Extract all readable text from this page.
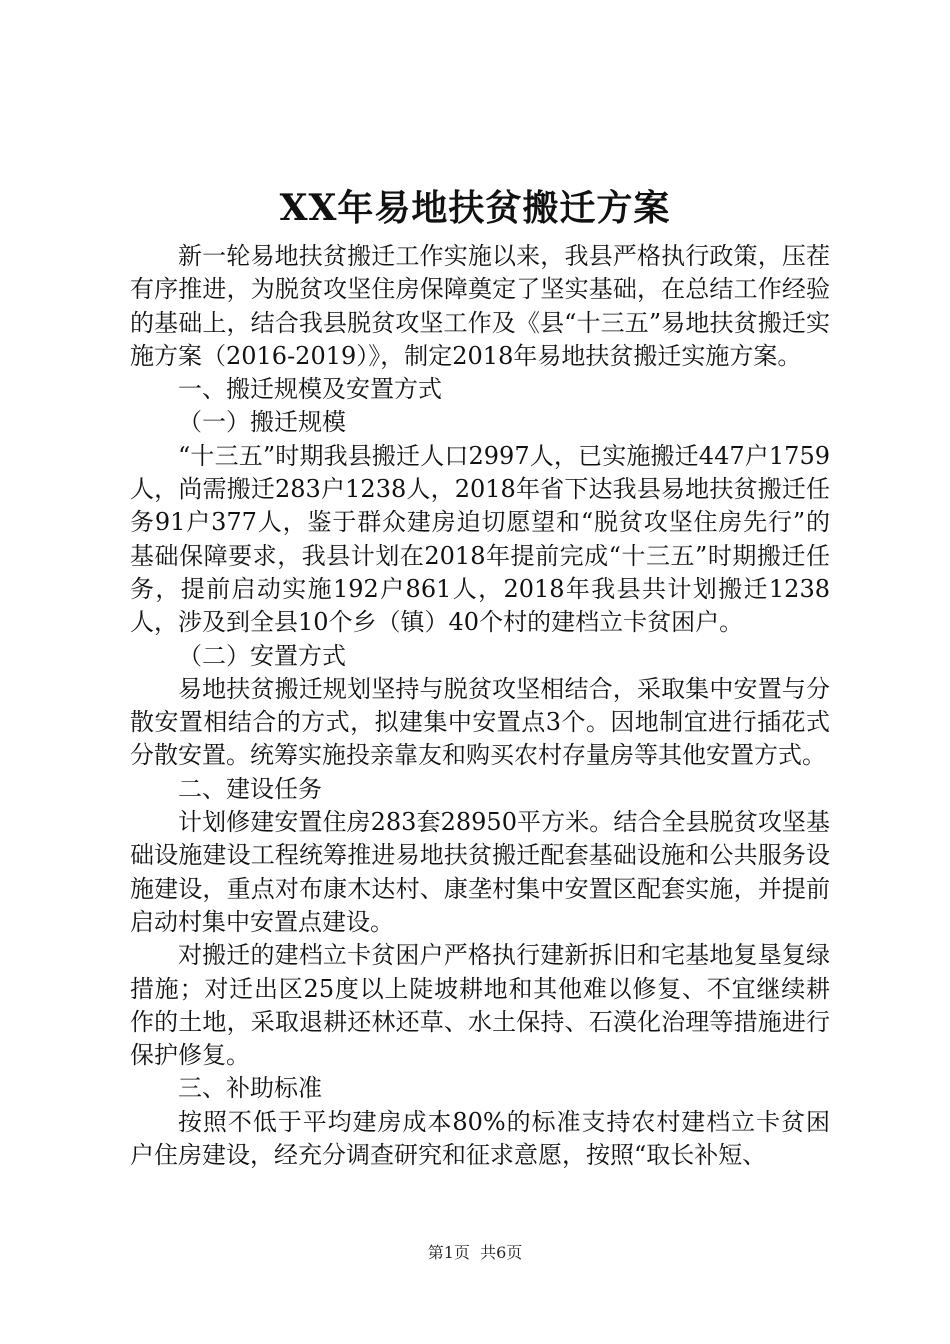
XX年易地扶贫搬迁方案

新一轮易地扶贫搬迁工作实施以来，我县严格执行政策，压茬有序推进，为脱贫攻坚住房保障奠定了坚实基础，在总结工作经验的基础上，结合我县脱贫攻坚工作及《县“十三五”易地扶贫搬迁实施方案（2016-2019）》，制定2018年易地扶贫搬迁实施方案。

一、搬迁规模及安置方式

（一）搬迁规模

“十三五”时期我县搬迁人口2997人，已实施搬迁447户1759人，尚需搬迁283户1238人，2018年省下达我县易地扶贫搬迁任务91户377人，鉴于群众建房迫切愿望和“脱贫攻坚住房先行”的基础保障要求，我县计划在2018年提前完成“十三五”时期搬迁任务，提前启动实施192户861人，2018年我县共计划搬迁1238人，涉及到全县10个乡（镇）40个村的建档立卡贫困户。

（二）安置方式

易地扶贫搬迁规划坚持与脱贫攻坚相结合，采取集中安置与分散安置相结合的方式，拟建集中安置点3个。因地制宜进行插花式分散安置。统筹实施投亲靠友和购买农村存量房等其他安置方式。

二、建设任务

计划修建安置住房283套28950平方米。结合全县脱贫攻坚基础设施建设工程统筹推进易地扶贫搬迁配套基础设施和公共服务设施建设，重点对布康木达村、康垄村集中安置区配套实施，并提前启动村集中安置点建设。

对搬迁的建档立卡贫困户严格执行建新拆旧和宅基地复垦复绿措施；对迁出区25度以上陡坡耕地和其他难以修复、不宜继续耕作的土地，采取退耕还林还草、水土保持、石漠化治理等措施进行保护修复。

三、补助标准

按照不低于平均建房成本80%的标准支持农村建档立卡贫困户住房建设，经充分调查研究和征求意愿，按照“取长补短、

第1页 共6页
